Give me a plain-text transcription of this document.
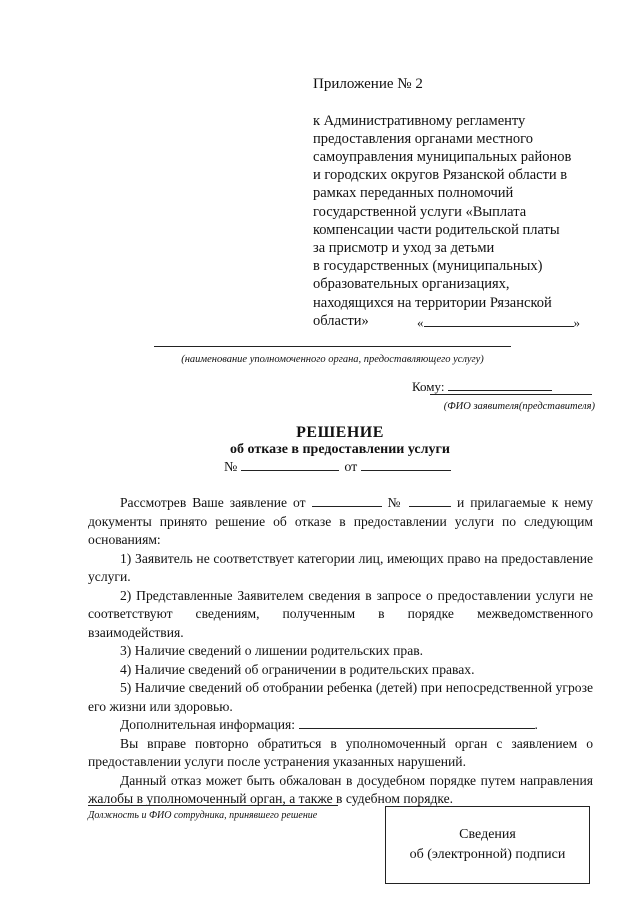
Приложение № 2

к Административному регламенту
предоставления органами местного
самоуправления муниципальных районов
и городских округов Рязанской области в
рамках переданных полномочий
государственной услуги «Выплата
компенсации части родительской платы
за присмотр и уход за детьми
в государственных (муниципальных)
образовательных организациях,
находящихся на территории Рязанской
области»	«	»
(наименование уполномоченного органа, предоставляющего услугу)
Кому:
(ФИО заявителя(представителя)
РЕШЕНИЕ
об отказе в предоставлении услуги
№	от

Рассмотрев Ваше заявление от	№	и прилагаемые к нему документы принято решение об отказе в предоставлении услуги по следующим основаниям:

1) Заявитель не соответствует категории лиц, имеющих право на предоставление услуги.

2) Представленные Заявителем сведения в запросе о предоставлении услуги не соответствуют сведениям, полученным в порядке межведомственного взаимодействия.

3) Наличие сведений о лишении родительских прав.

4) Наличие сведений об ограничении в родительских правах.

5) Наличие сведений об отобрании ребенка (детей) при непосредственной угрозе его жизни или здоровью.

Дополнительная информация:	.

Вы вправе повторно обратиться в уполномоченный орган с заявлением о предоставлении услуги после устранения указанных нарушений.

Данный отказ может быть обжалован в досудебном порядке путем направления жалобы в уполномоченный орган, а также в судебном порядке.

Должность и ФИО сотрудника, принявшего решение
Сведения
об (электронной) подписи
